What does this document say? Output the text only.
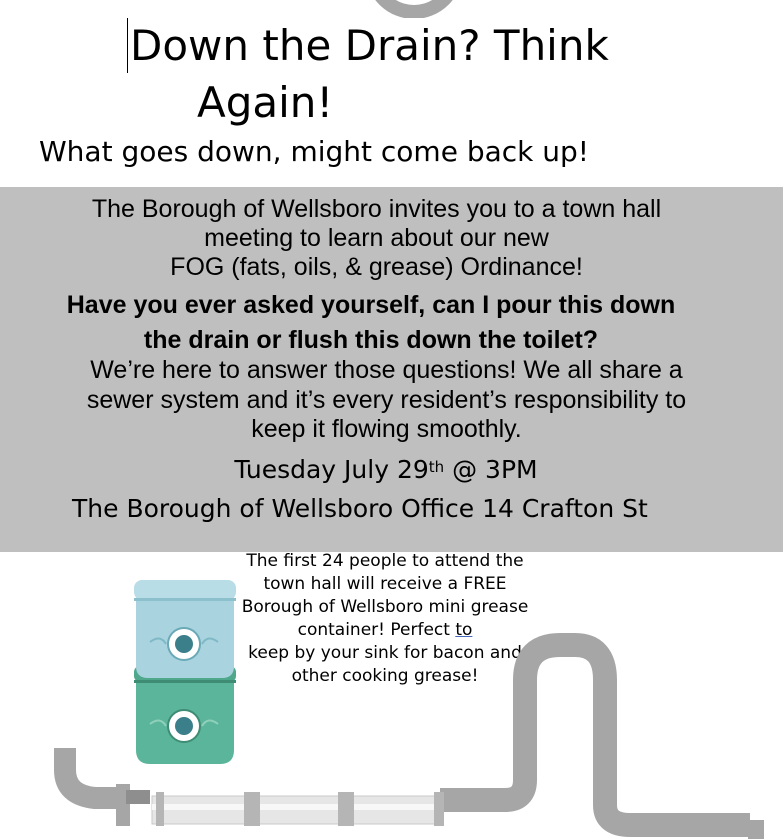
Down the Drain? Think
Again!
What goes down, might come back up!
The Borough of Wellsboro invites you to a town hall
meeting to learn about our new
FOG (fats, oils, & grease) Ordinance!
Have you ever asked yourself, can I pour this down
the drain or flush this down the toilet?
We’re here to answer those questions! We all share a
sewer system and it’s every resident’s responsibility to
keep it flowing smoothly.
Tuesday July 29th @ 3PM
The Borough of Wellsboro Office 14 Crafton St
The first 24 people to attend the
town hall will receive a FREE
Borough of Wellsboro mini grease
container! Perfect to
keep by your sink for bacon and
other cooking grease!
